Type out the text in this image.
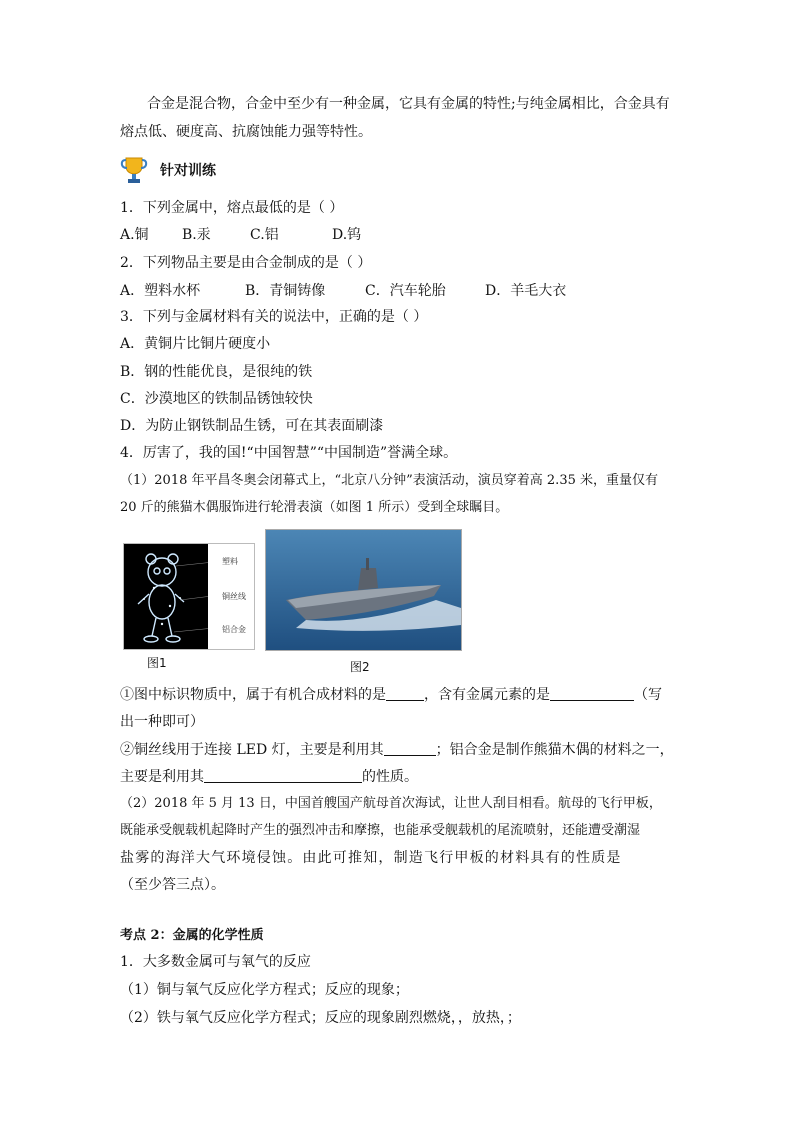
合金是混合物，合金中至少有一种金属，它具有金属的特性;与纯金属相比，合金具有
熔点低、硬度高、抗腐蚀能力强等特性。
针对训练
1．下列金属中，熔点最低的是（ ）
A.铜 B.汞	C.铝	D.钨
2．下列物品主要是由合金制成的是（ ）
A．塑料水杯	B．青铜铸像	C．汽车轮胎	D．羊毛大衣
3．下列与金属材料有关的说法中，正确的是（ ）
A．黄铜片比铜片硬度小
B．钢的性能优良，是很纯的铁
C．沙漠地区的铁制品锈蚀较快
D．为防止钢铁制品生锈，可在其表面刷漆
4．厉害了，我的国!“中国智慧”“中国制造”誉满全球。
（1）2018 年平昌冬奥会闭幕式上，“北京八分钟”表演活动，演员穿着高 2.35 米，重量仅有
20 斤的熊猫木偶服饰进行轮滑表演（如图 1 所示）受到全球瞩目。
塑料
铜丝线
铝合金
图1	图2
①图中标识物质中，属于有机合成材料的是	，含有金属元素的是	（写
出一种即可）
②铜丝线用于连接 LED 灯，主要是利用其	；铝合金是制作熊猫木偶的材料之一，
主要是利用其	的性质。
（2）2018 年 5 月 13 日，中国首艘国产航母首次海试，让世人刮目相看。航母的飞行甲板，
既能承受舰载机起降时产生的强烈冲击和摩擦，也能承受舰载机的尾流喷射，还能遭受潮湿
盐雾的海洋大气环境侵蚀。由此可推知，制造飞行甲板的材料具有的性质是
（至少答三点）。
考点 2：金属的化学性质
1．大多数金属可与氧气的反应
（1）铜与氧气反应化学方程式；反应的现象；
（2）铁与氧气反应化学方程式；反应的现象剧烈燃烧，，放热，；
